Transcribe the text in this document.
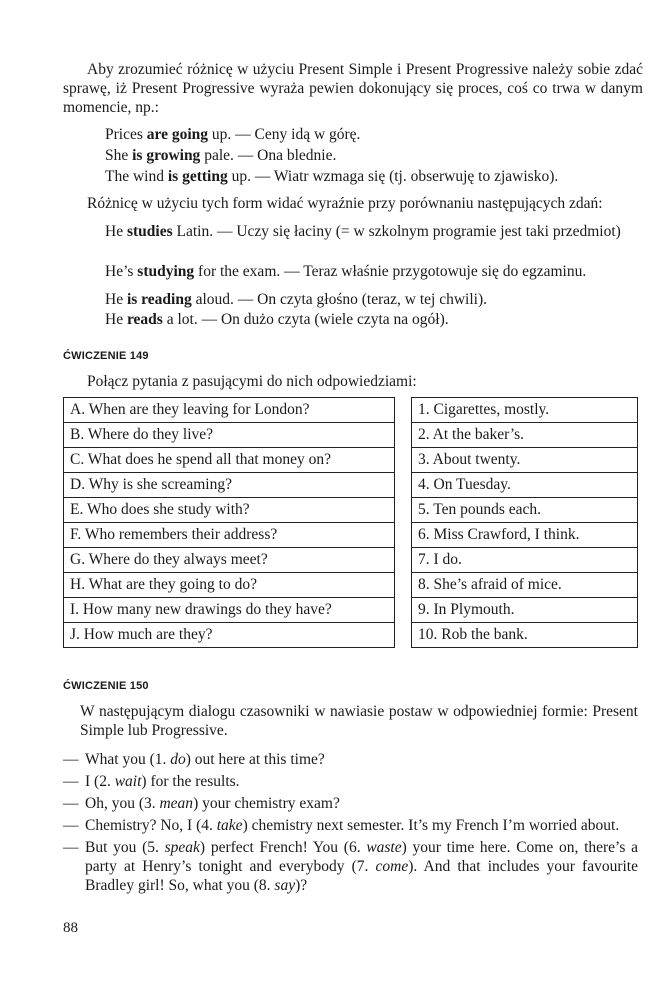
Aby zrozumieć różnicę w użyciu Present Simple i Present Progressive należy sobie zdać sprawę, iż Present Progressive wyraża pewien dokonujący się proces, coś co trwa w danym momencie, np.:

Prices are going up. — Ceny idą w górę.
She is growing pale. — Ona blednie.
The wind is getting up. — Wiatr wzmaga się (tj. obserwuję to zjawisko).
Różnicę w użyciu tych form widać wyraźnie przy porównaniu następujących zdań:
He studies Latin. — Uczy się łaciny (= w szkolnym programie jest taki przedmiot)
He’s studying for the exam. — Teraz właśnie przygotowuje się do egzaminu.
He is reading aloud. — On czyta głośno (teraz, w tej chwili).
He reads a lot. — On dużo czyta (wiele czyta na ogół).
ĆWICZENIE 149
Połącz pytania z pasującymi do nich odpowiedziami:
A. When are they leaving for London?		1. Cigarettes, mostly.
B. Where do they live?		2. At the baker’s.
C. What does he spend all that money on?		3. About twenty.
D. Why is she screaming?		4. On Tuesday.
E. Who does she study with?		5. Ten pounds each.
F. Who remembers their address?		6. Miss Crawford, I think.
G. Where do they always meet?		7. I do.
H. What are they going to do?		8. She’s afraid of mice.
I. How many new drawings do they have?		9. In Plymouth.
J. How much are they?		10. Rob the bank.
ĆWICZENIE 150
W następującym dialogu czasowniki w nawiasie postaw w odpowiedniej formie: Present Simple lub Progressive.
— What you (1. do) out here at this time?
— I (2. wait) for the results.
— Oh, you (3. mean) your chemistry exam?
— Chemistry? No, I (4. take) chemistry next semester. It’s my French I’m worried about.
— But you (5. speak) perfect French! You (6. waste) your time here. Come on, there’s a party at Henry’s tonight and everybody (7. come). And that includes your favourite Bradley girl! So, what you (8. say)?
88
